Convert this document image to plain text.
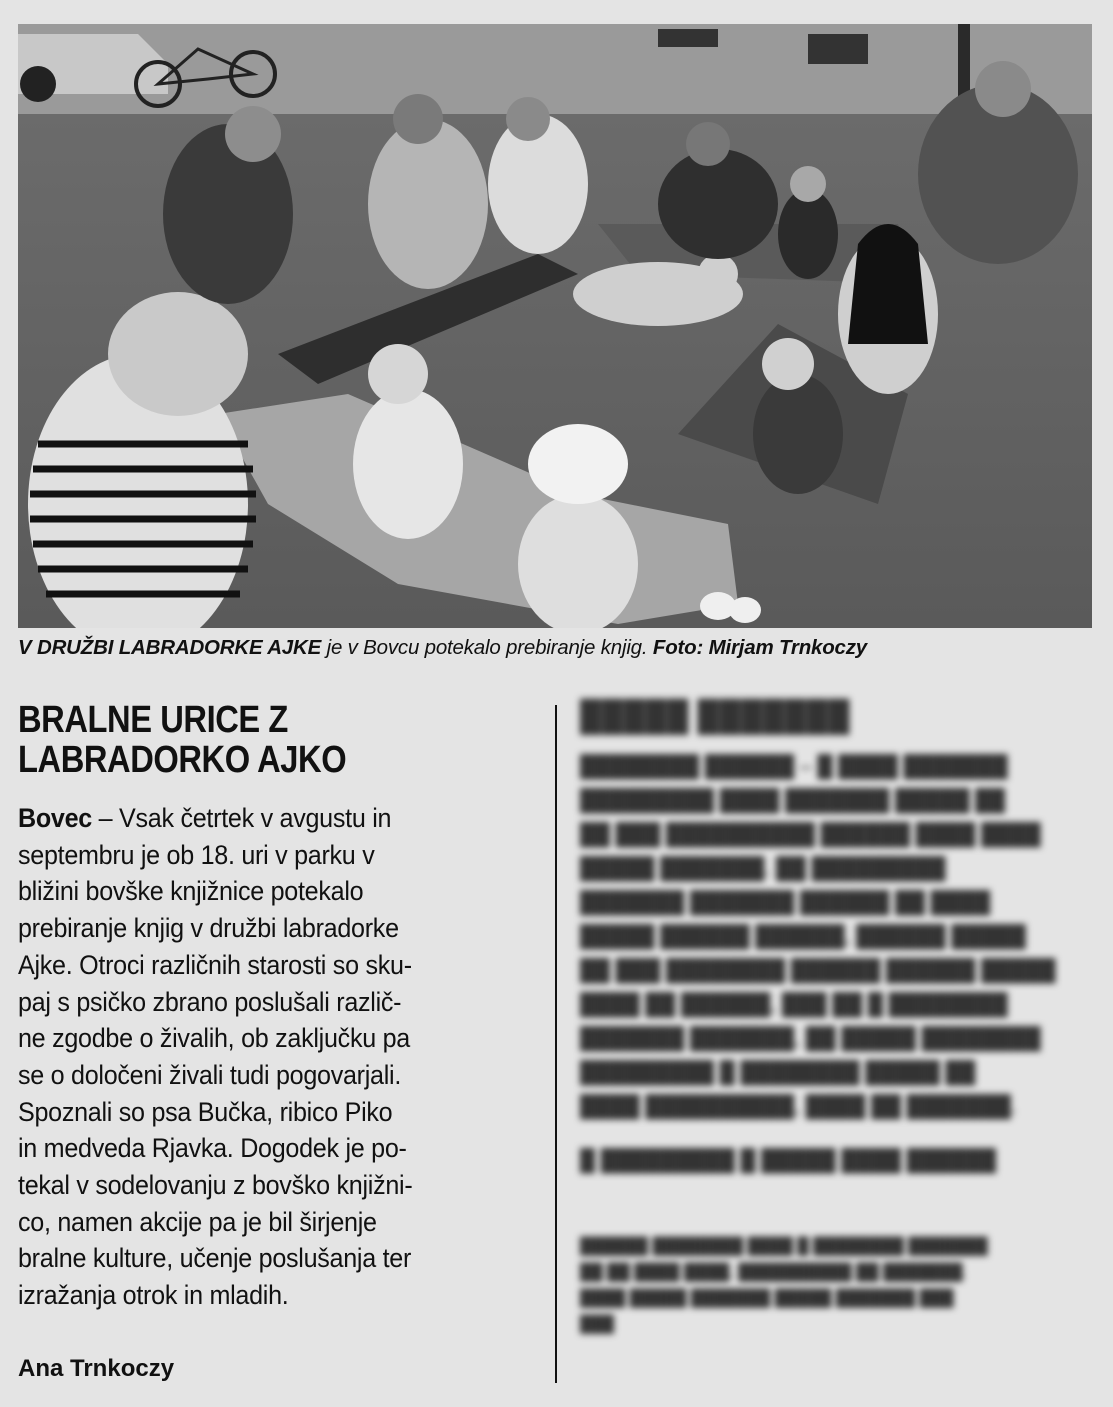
V DRUŽBI LABRADORKE AJKE je v Bovcu potekalo prebiranje knjig. Foto: Mirjam Trnkoczy
BRALNE URICE Z
LABRADORKO AJKO
Bovec – Vsak četrtek v avgustu in
septembru je ob 18. uri v parku v
bližini bovške knjižnice potekalo
prebiranje knjig v družbi labradorke
Ajke. Otroci različnih starosti so sku-
paj s psičko zbrano poslušali različ-
ne zgodbe o živalih, ob zaključku pa
se o določeni živali tudi pogovarjali.
Spoznali so psa Bučka, ribico Piko
in medveda Rjavka. Dogodek je po-
tekal v sodelovanju z bovško knjižni-
co, namen akcije pa je bil širjenje
bralne kulture, učenje poslušanja ter
izražanja otrok in mladih.
Ana Trnkoczy
█████ ███████
████████ ██████ – █ ████ ███████
█████████ ████ ███████ █████ ██
██ ███ ██████████ ██████ ████ ████
█████ ███████. ██ █████████
███████ ███████ ██████ ██ ████
█████ ██████ ██████, ██████ █████
██ ███ ████████ ██████ ██████ █████
████ ██ ██████, ███ ██ █ ████████
███████ ███████, ██ █████ ████████
█████████ █ ████████ █████ ██
████ ██████████, ████ ██ ███████.
█ █████████ █ █████ ████ ██████
██████ ████████ ████ █ ████████ ███████
██ ██ ████ ████, ██████████ ██ ███████.
████ █████ ███████ █████ ███████ ███
███
